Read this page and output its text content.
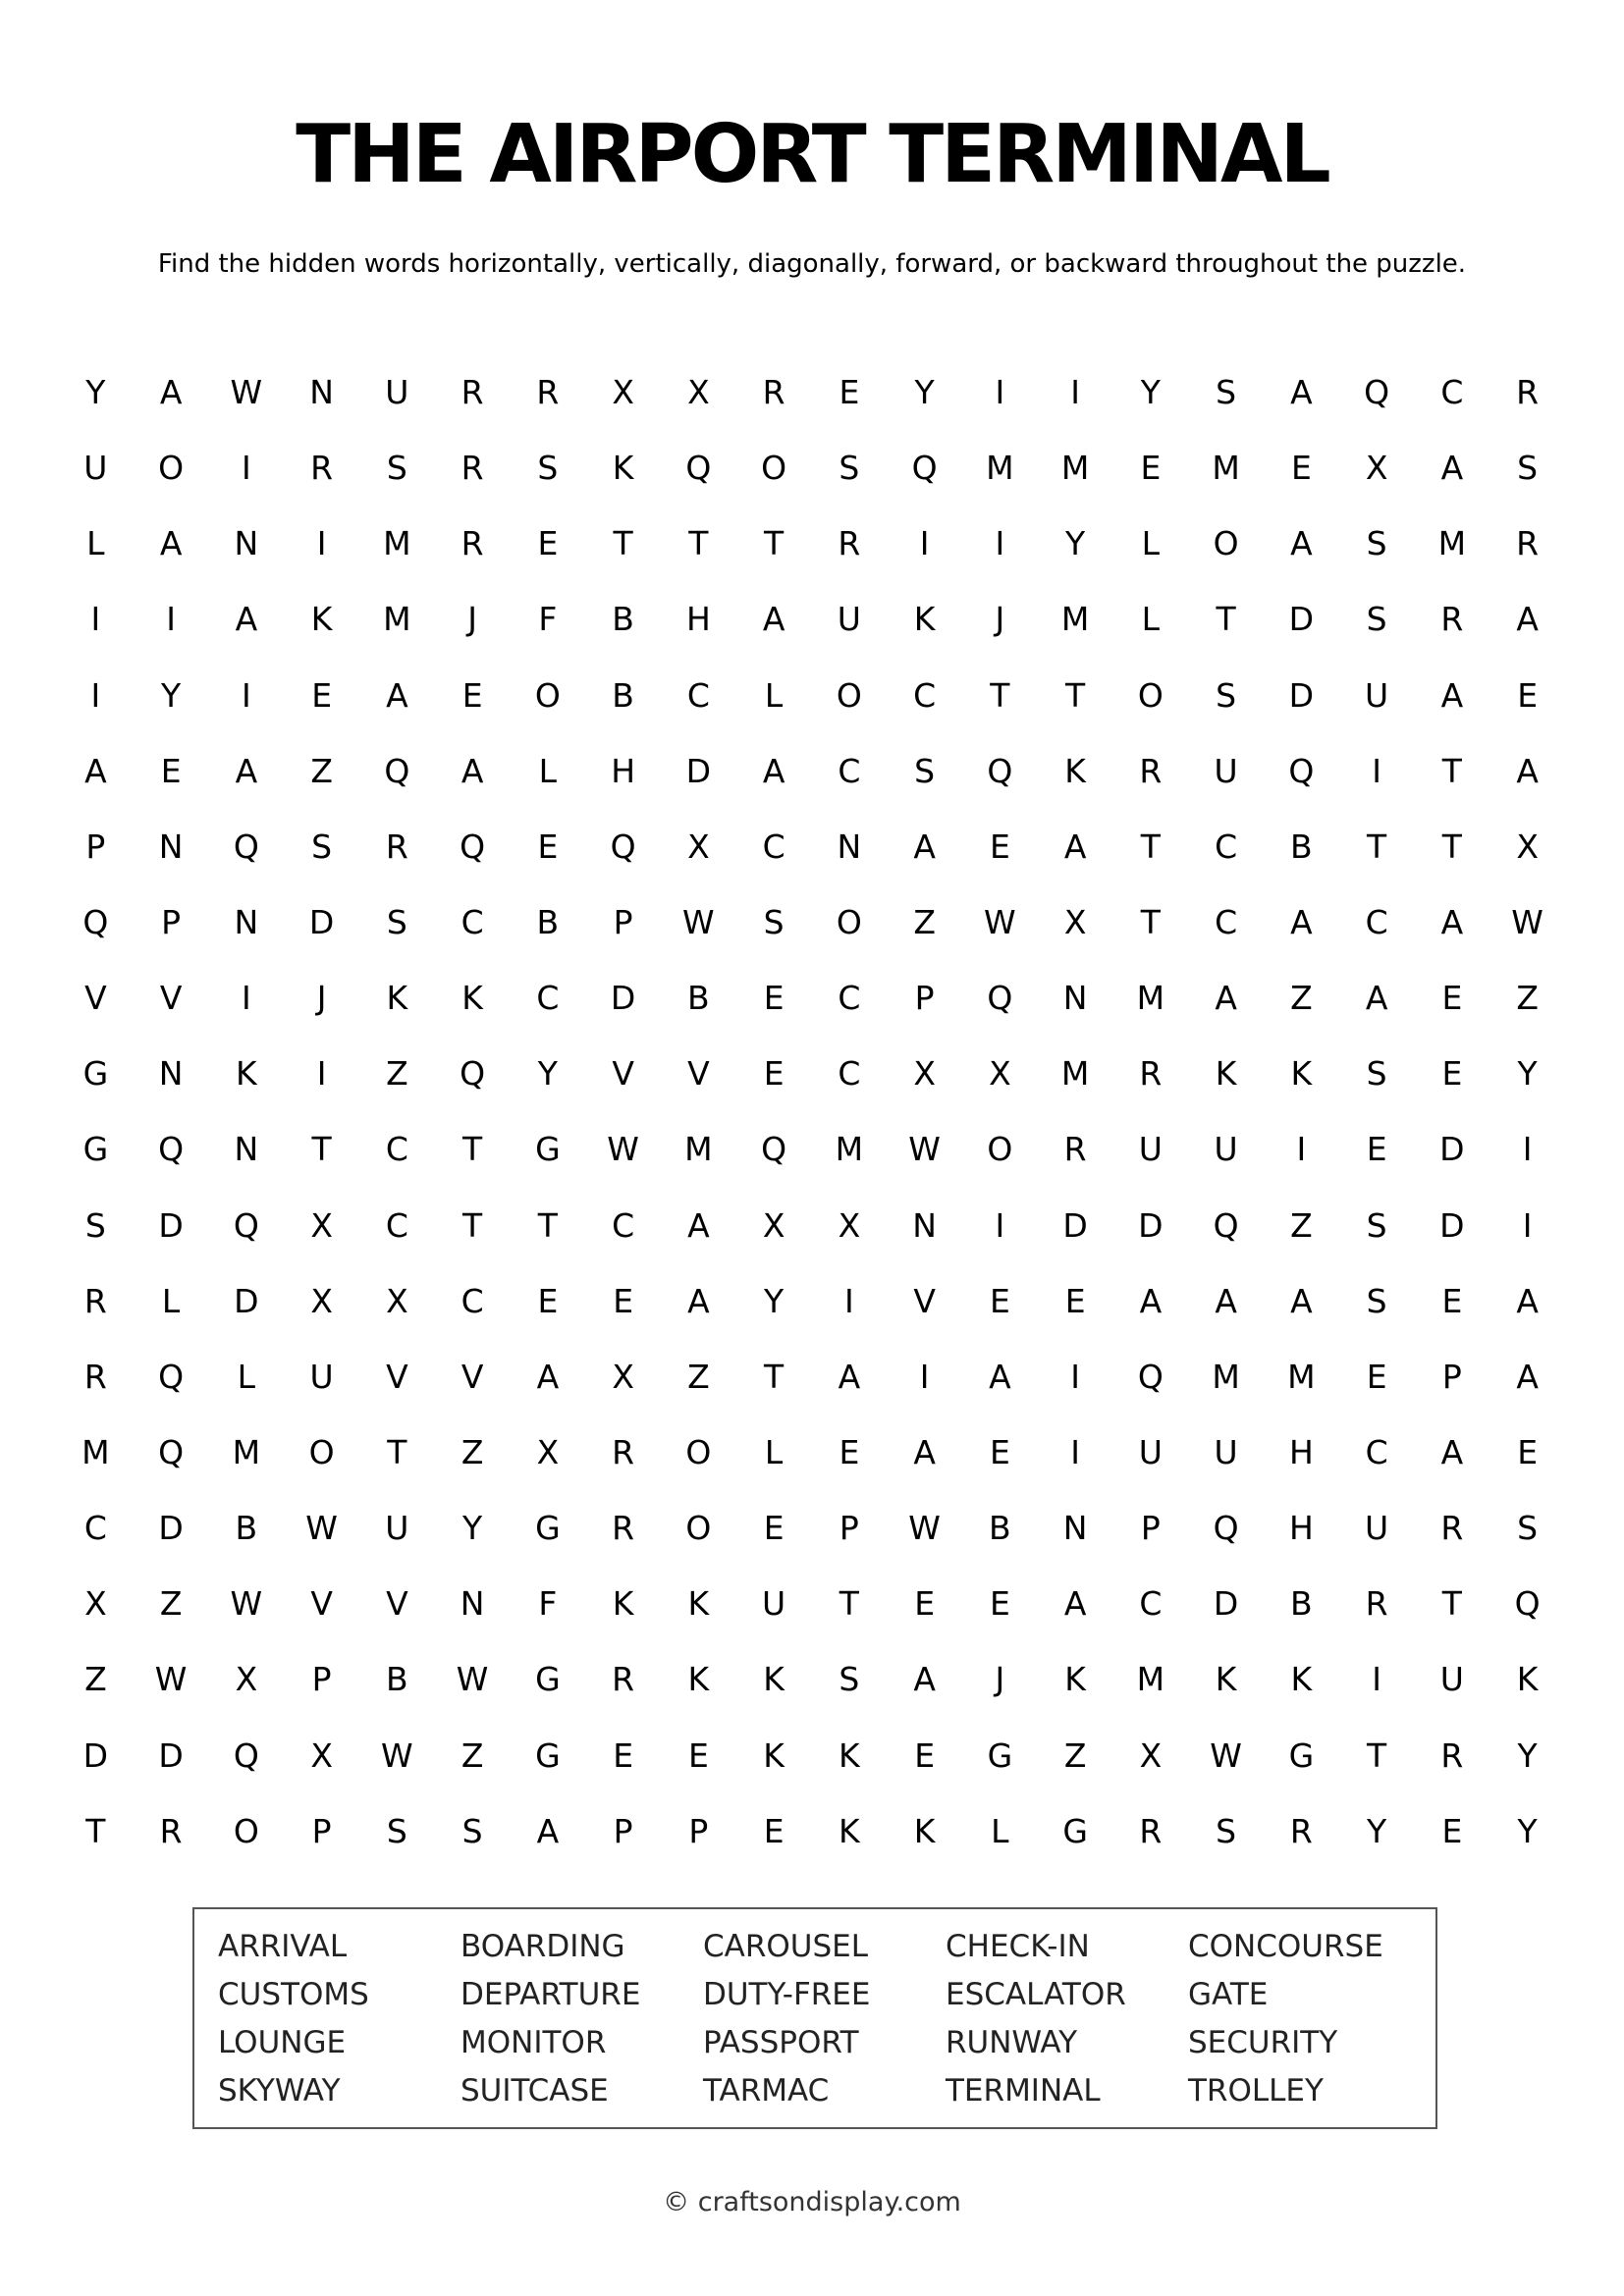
THE AIRPORT TERMINAL
Find the hidden words horizontally, vertically, diagonally, forward, or backward throughout the puzzle.
Y	A	W	N	U	R	R	X	X	R	E	Y	I	I	Y	S	A	Q	C	R
U	O	I	R	S	R	S	K	Q	O	S	Q	M	M	E	M	E	X	A	S
L	A	N	I	M	R	E	T	T	T	R	I	I	Y	L	O	A	S	M	R
I	I	A	K	M	J	F	B	H	A	U	K	J	M	L	T	D	S	R	A
I	Y	I	E	A	E	O	B	C	L	O	C	T	T	O	S	D	U	A	E
A	E	A	Z	Q	A	L	H	D	A	C	S	Q	K	R	U	Q	I	T	A
P	N	Q	S	R	Q	E	Q	X	C	N	A	E	A	T	C	B	T	T	X
Q	P	N	D	S	C	B	P	W	S	O	Z	W	X	T	C	A	C	A	W
V	V	I	J	K	K	C	D	B	E	C	P	Q	N	M	A	Z	A	E	Z
G	N	K	I	Z	Q	Y	V	V	E	C	X	X	M	R	K	K	S	E	Y
G	Q	N	T	C	T	G	W	M	Q	M	W	O	R	U	U	I	E	D	I
S	D	Q	X	C	T	T	C	A	X	X	N	I	D	D	Q	Z	S	D	I
R	L	D	X	X	C	E	E	A	Y	I	V	E	E	A	A	A	S	E	A
R	Q	L	U	V	V	A	X	Z	T	A	I	A	I	Q	M	M	E	P	A
M	Q	M	O	T	Z	X	R	O	L	E	A	E	I	U	U	H	C	A	E
C	D	B	W	U	Y	G	R	O	E	P	W	B	N	P	Q	H	U	R	S
X	Z	W	V	V	N	F	K	K	U	T	E	E	A	C	D	B	R	T	Q
Z	W	X	P	B	W	G	R	K	K	S	A	J	K	M	K	K	I	U	K
D	D	Q	X	W	Z	G	E	E	K	K	E	G	Z	X	W	G	T	R	Y
T	R	O	P	S	S	A	P	P	E	K	K	L	G	R	S	R	Y	E	Y
ARRIVAL	BOARDING	CAROUSEL	CHECK-IN	CONCOURSE
CUSTOMS	DEPARTURE	DUTY-FREE	ESCALATOR	GATE
LOUNGE	MONITOR	PASSPORT	RUNWAY	SECURITY
SKYWAY	SUITCASE	TARMAC	TERMINAL	TROLLEY
© craftsondisplay.com
